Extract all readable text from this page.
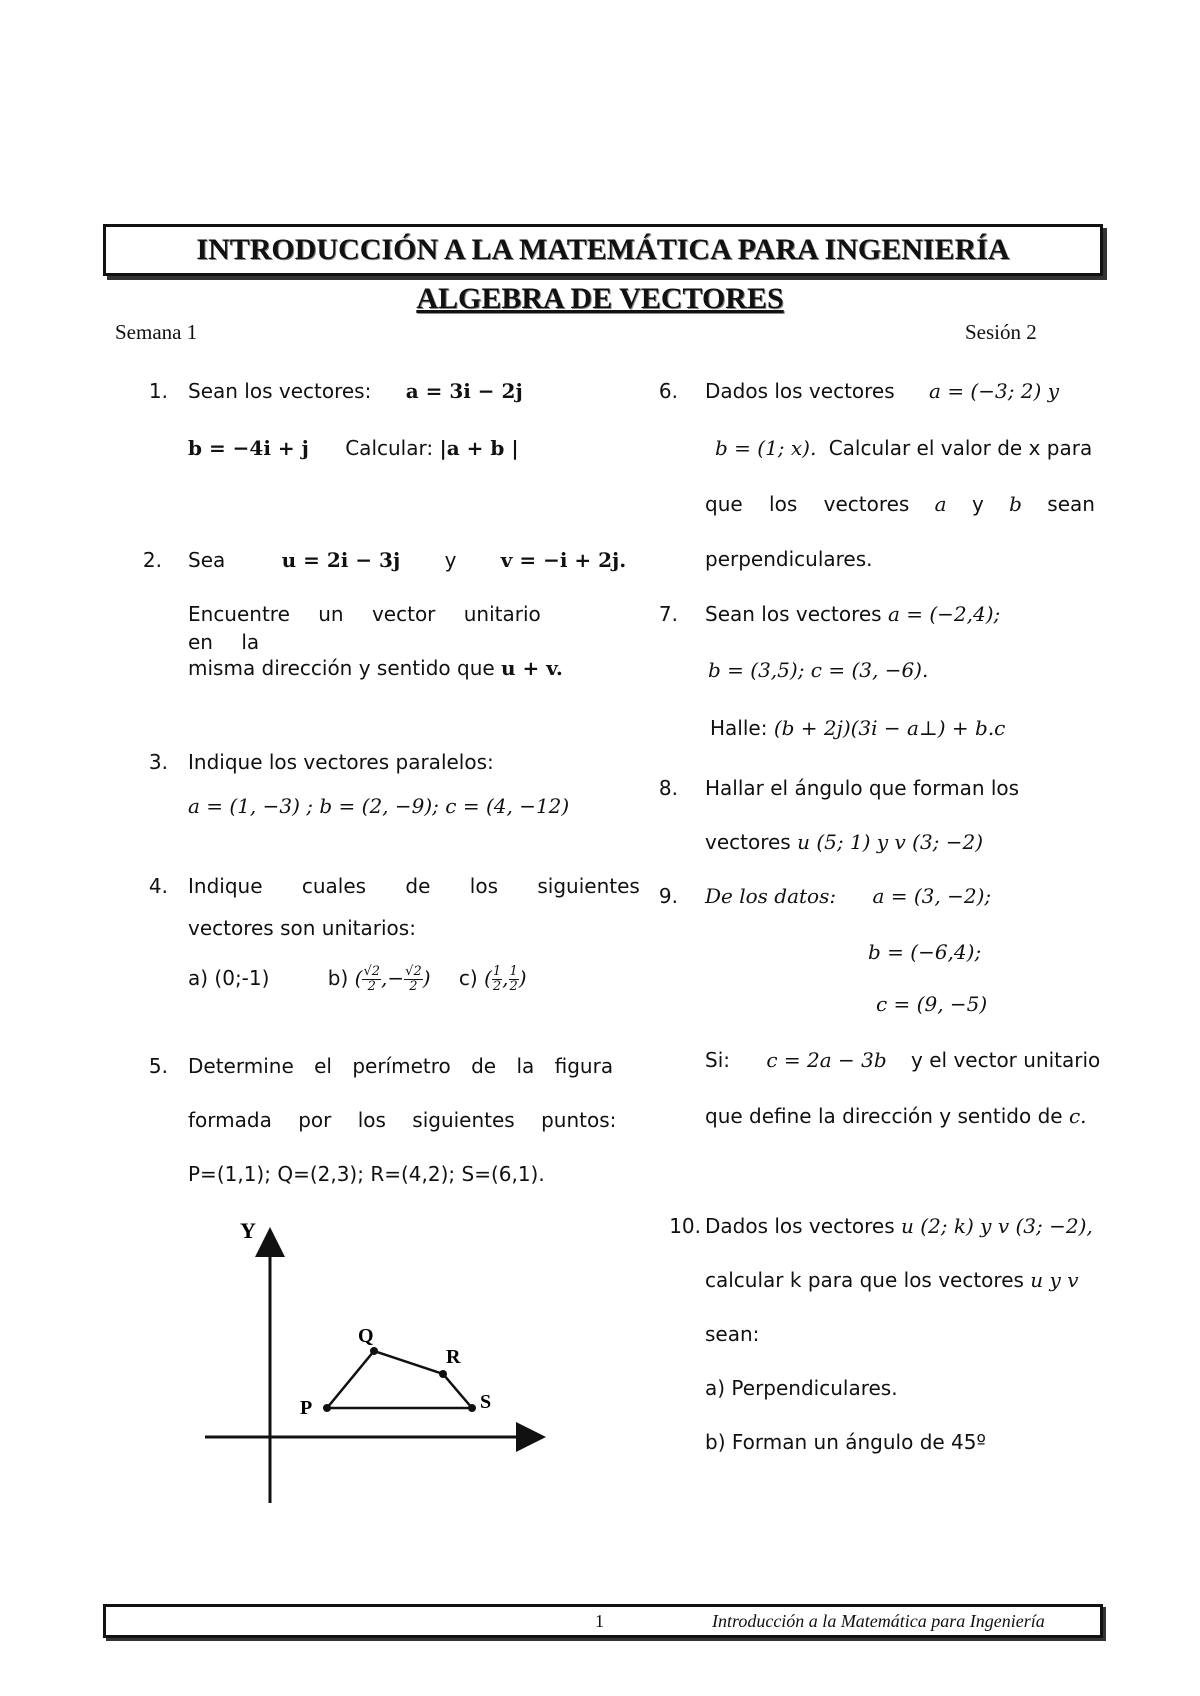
INTRODUCCIÓN A LA MATEMÁTICA PARA INGENIERÍA
ALGEBRA DE VECTORES
Semana 1	Sesión 2
1. Sean los vectores: a = 3i − 2j
b = −4i + j Calcular: |a + b |
2. Sea	u = 2i − 3j y v = −i + 2j.
Encuentre un vector unitario en la
misma dirección y sentido que u + v.
3. Indique los vectores paralelos:
a = (1, −3) ; b = (2, −9); c = (4, −12)
4. Indique cuales de los siguientes
vectores son unitarios:
a) (0;-1)	b) ( $\frac{√2}{2}$ ,− $\frac{√2}{2}$ ) c) ( $\frac{1}{2}$ , $\frac{1}{2}$ )
5. Determine el perímetro de la figura
formada por los siguientes puntos:
P=(1,1); Q=(2,3); R=(4,2); S=(6,1).
Y
P
Q
R
S
6. Dados los vectores a = (−3; 2) y
b = (1; x). Calcular el valor de x para
que los vectores a y b sean
perpendiculares.
7. Sean los vectores a = (−2,4);
b = (3,5); c = (3, −6).
Halle: (b + 2j)(3i − a⊥) + b.c
8. Hallar el ángulo que forman los
vectores u (5; 1) y v (3; −2)
9. De los datos: a = (3, −2);
b = (−6,4);
c = (9, −5)
Si: c = 2a − 3b y el vector unitario
que define la dirección y sentido de c.
10. Dados los vectores u (2; k) y v (3; −2),
calcular k para que los vectores u y v
sean:
a) Perpendiculares.
b) Forman un ángulo de 45º
1	Introducción a la Matemática para Ingeniería
